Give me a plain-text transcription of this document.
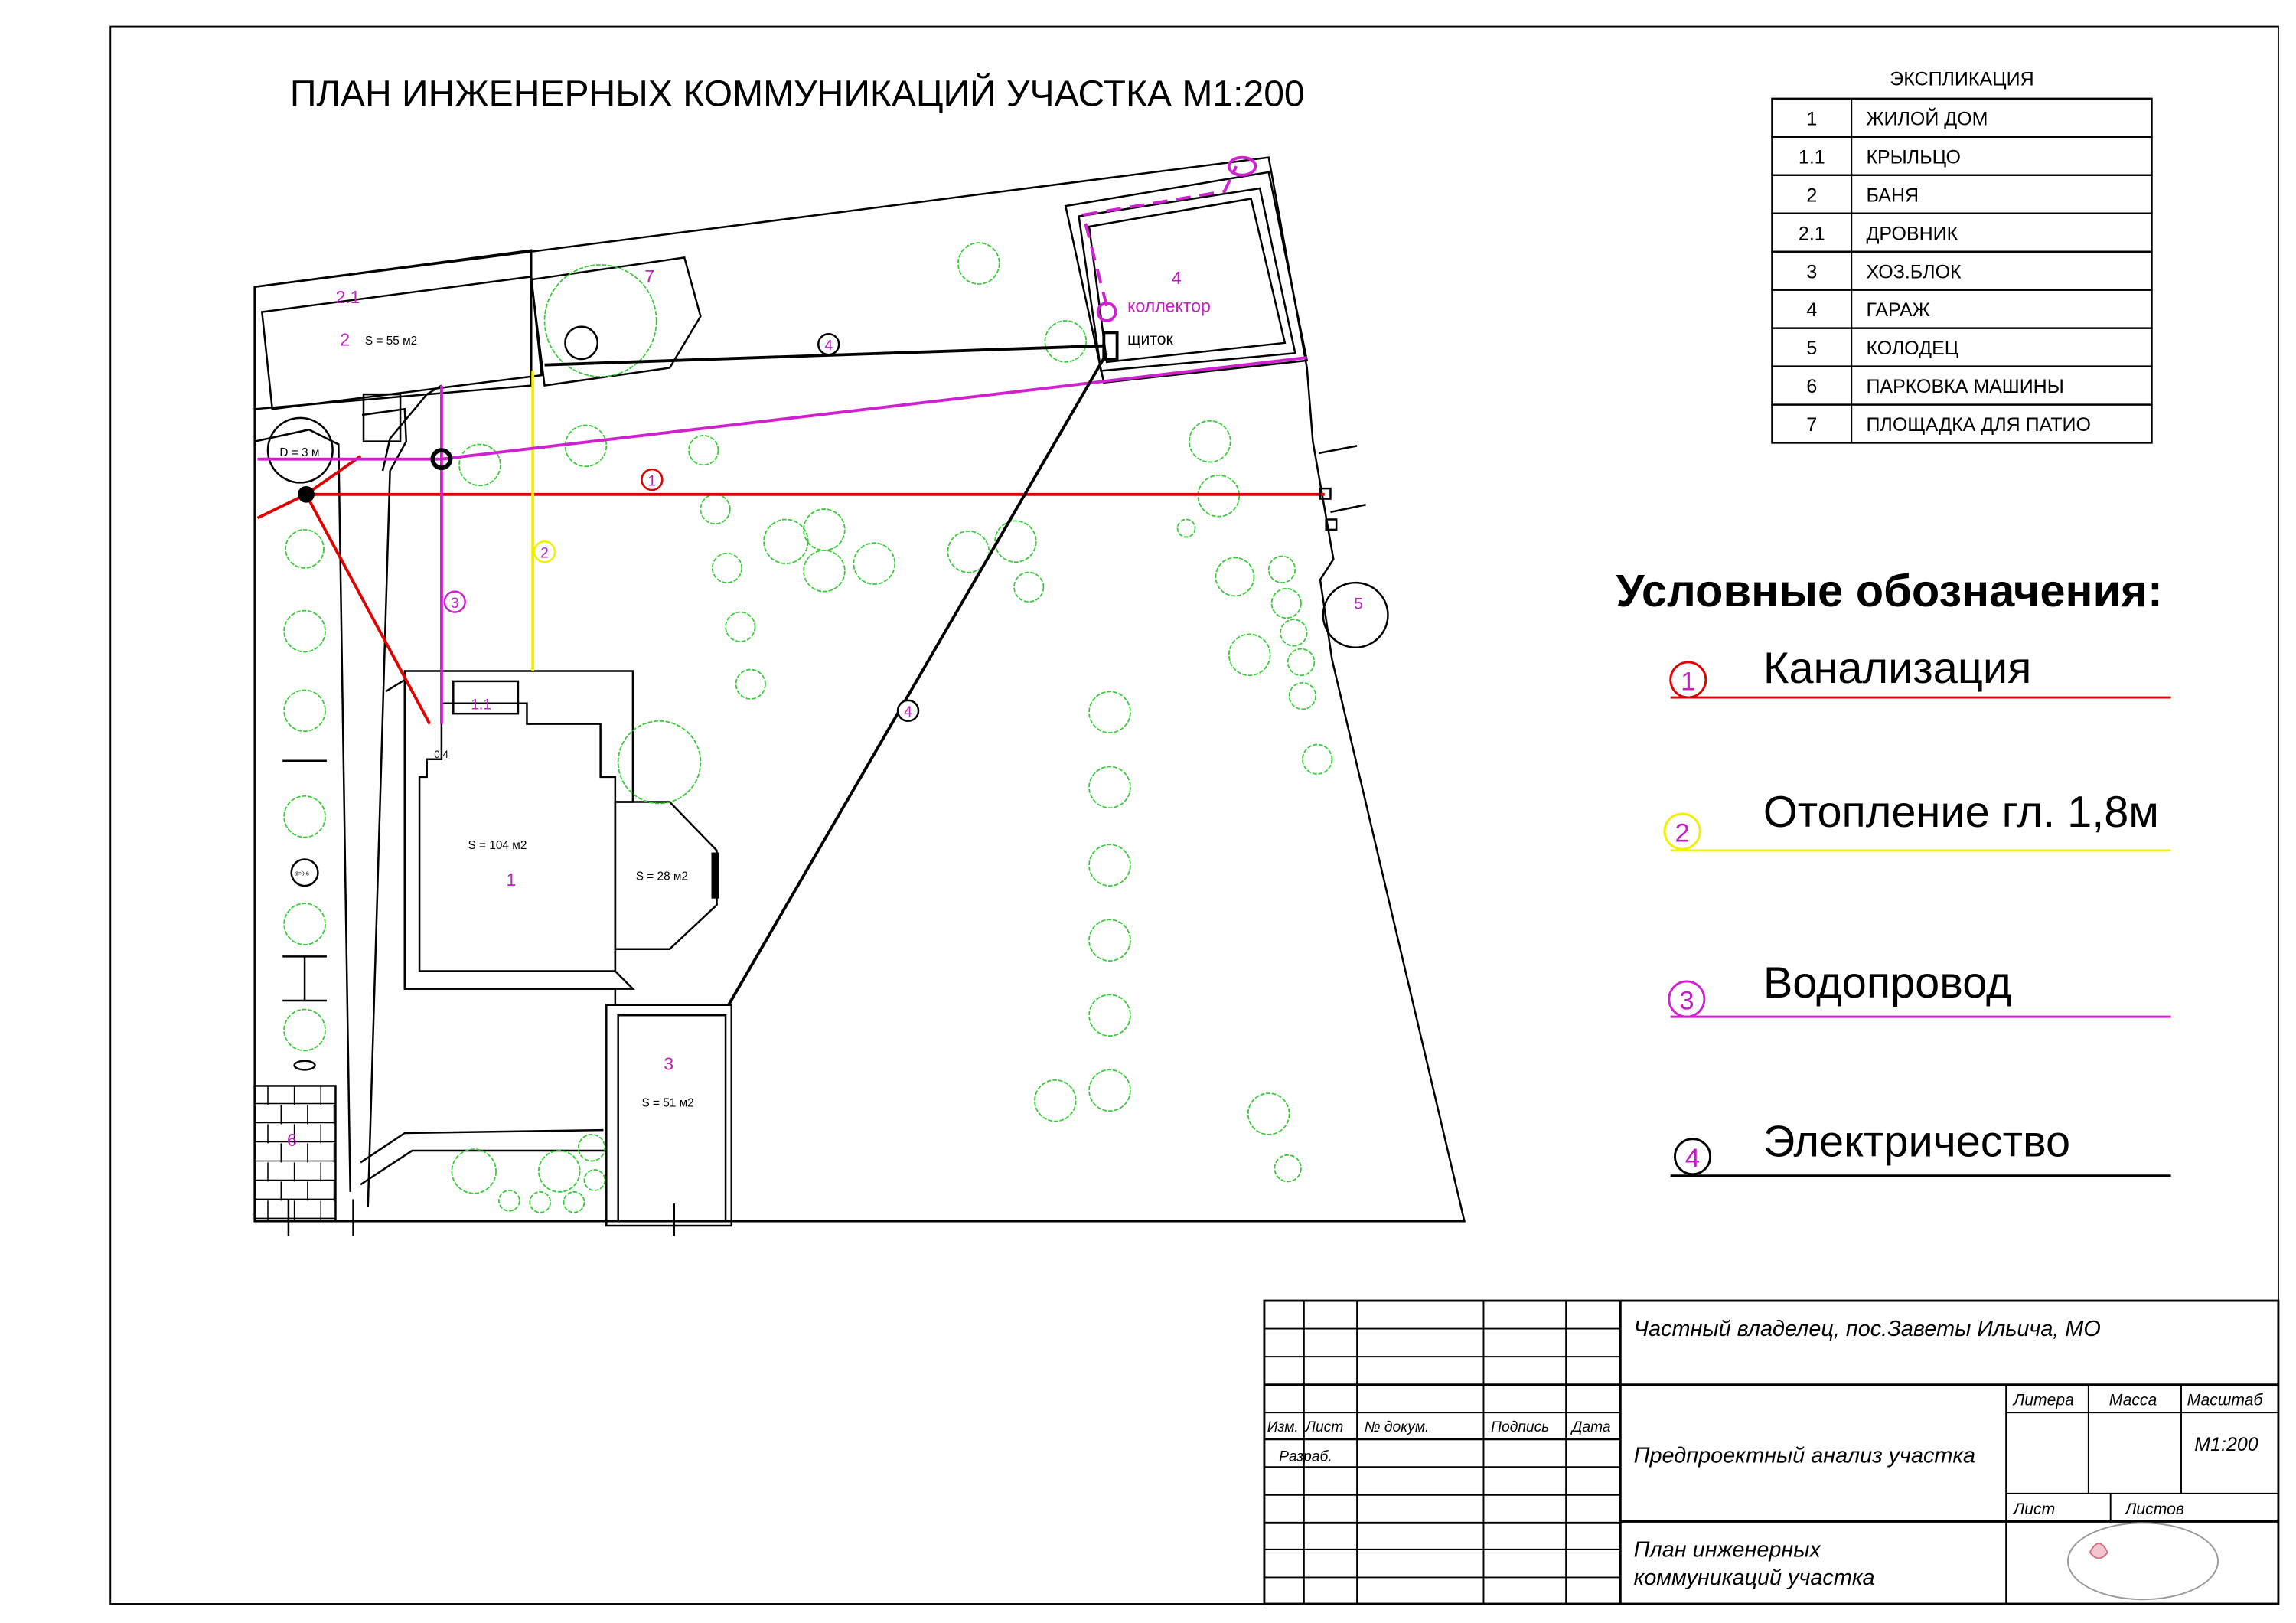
ПЛАН ИНЖЕНЕРНЫХ КОММУНИКАЦИЙ УЧАСТКА М1:200	ЭКСПЛИКАЦИЯ
1	ЖИЛОЙ ДОМ
1.1	КРЫЛЬЦО
2	БАНЯ
2.1	ДРОВНИК
3	ХОЗ.БЛОК
4	ГАРАЖ
5	КОЛОДЕЦ
6	ПАРКОВКА МАШИНЫ
7	ПЛОЩАДКА ДЛЯ ПАТИО
Условные обозначения:
1	Канализация
2	Отопление гл. 1,8м
3	Водопровод
4	Электричество
1
2
3
4
4
2.1
2 S = 55 м2
7
D = 3 м
1.1
0,4
S = 104 м2
1	S = 28 м2
3
S = 51 м2
4
коллектор
щиток
5
6
d=0,6
Частный владелец, пос.Заветы Ильича, МО
Предпроектный анализ участка
План инженерных
коммуникаций участка
Литера	Масса	Масштаб
М1:200
Лист	Листов
Изм. Лист	№ докум.	Подпись	Дата
Разраб.
